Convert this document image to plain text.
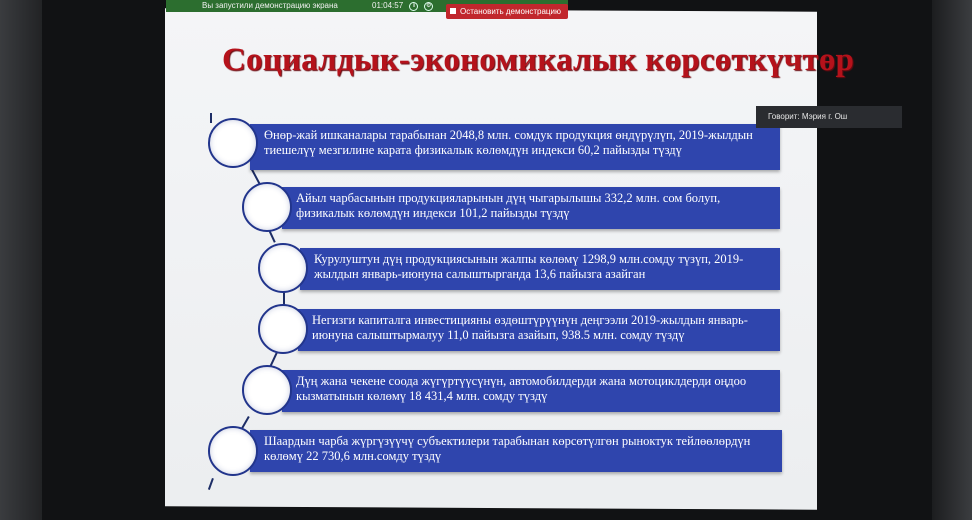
Вы запустили демонстрацию экрана	01:04:57	॥	⚙
Остановить демонстрацию
Социалдык-экономикалык көрсөткүчтөр
Өнөр-жай ишканалары тарабынан 2048,8 млн. сомдук продукция өндүрүлүп, 2019-жылдын тиешелүү мезгилине карата физикалык көлөмдүн индекси 60,2 пайызды түздү
Айыл чарбасынын продукцияларынын дүң чыгарылышы 332,2 млн. сом болуп, физикалык көлөмдүн индекси 101,2 пайызды түздү
Курулуштун дүң продукциясынын жалпы көлөмү 1298,9 млн.сомду түзүп, 2019-жылдын январь-июнуна салыштырганда 13,6 пайызга азайган
Негизги капиталга инвестицияны өздөштүрүүнүн деңгээли 2019-жылдын январь-июнуна салыштырмалуу 11,0 пайызга азайып, 938.5 млн. сомду түздү
Дүң жана чекене соода жүгүртүүсүнүн, автомобилдерди жана мотоциклдерди оңдоо кызматынын көлөмү 18 431,4 млн. сомду түздү
Шаардын чарба жүргүзүүчү субъектилери тарабынан көрсөтүлгөн рыноктук тейлөөлөрдүн көлөмү 22 730,6 млн.сомду түздү
Говорит: Мэрия г. Ош
